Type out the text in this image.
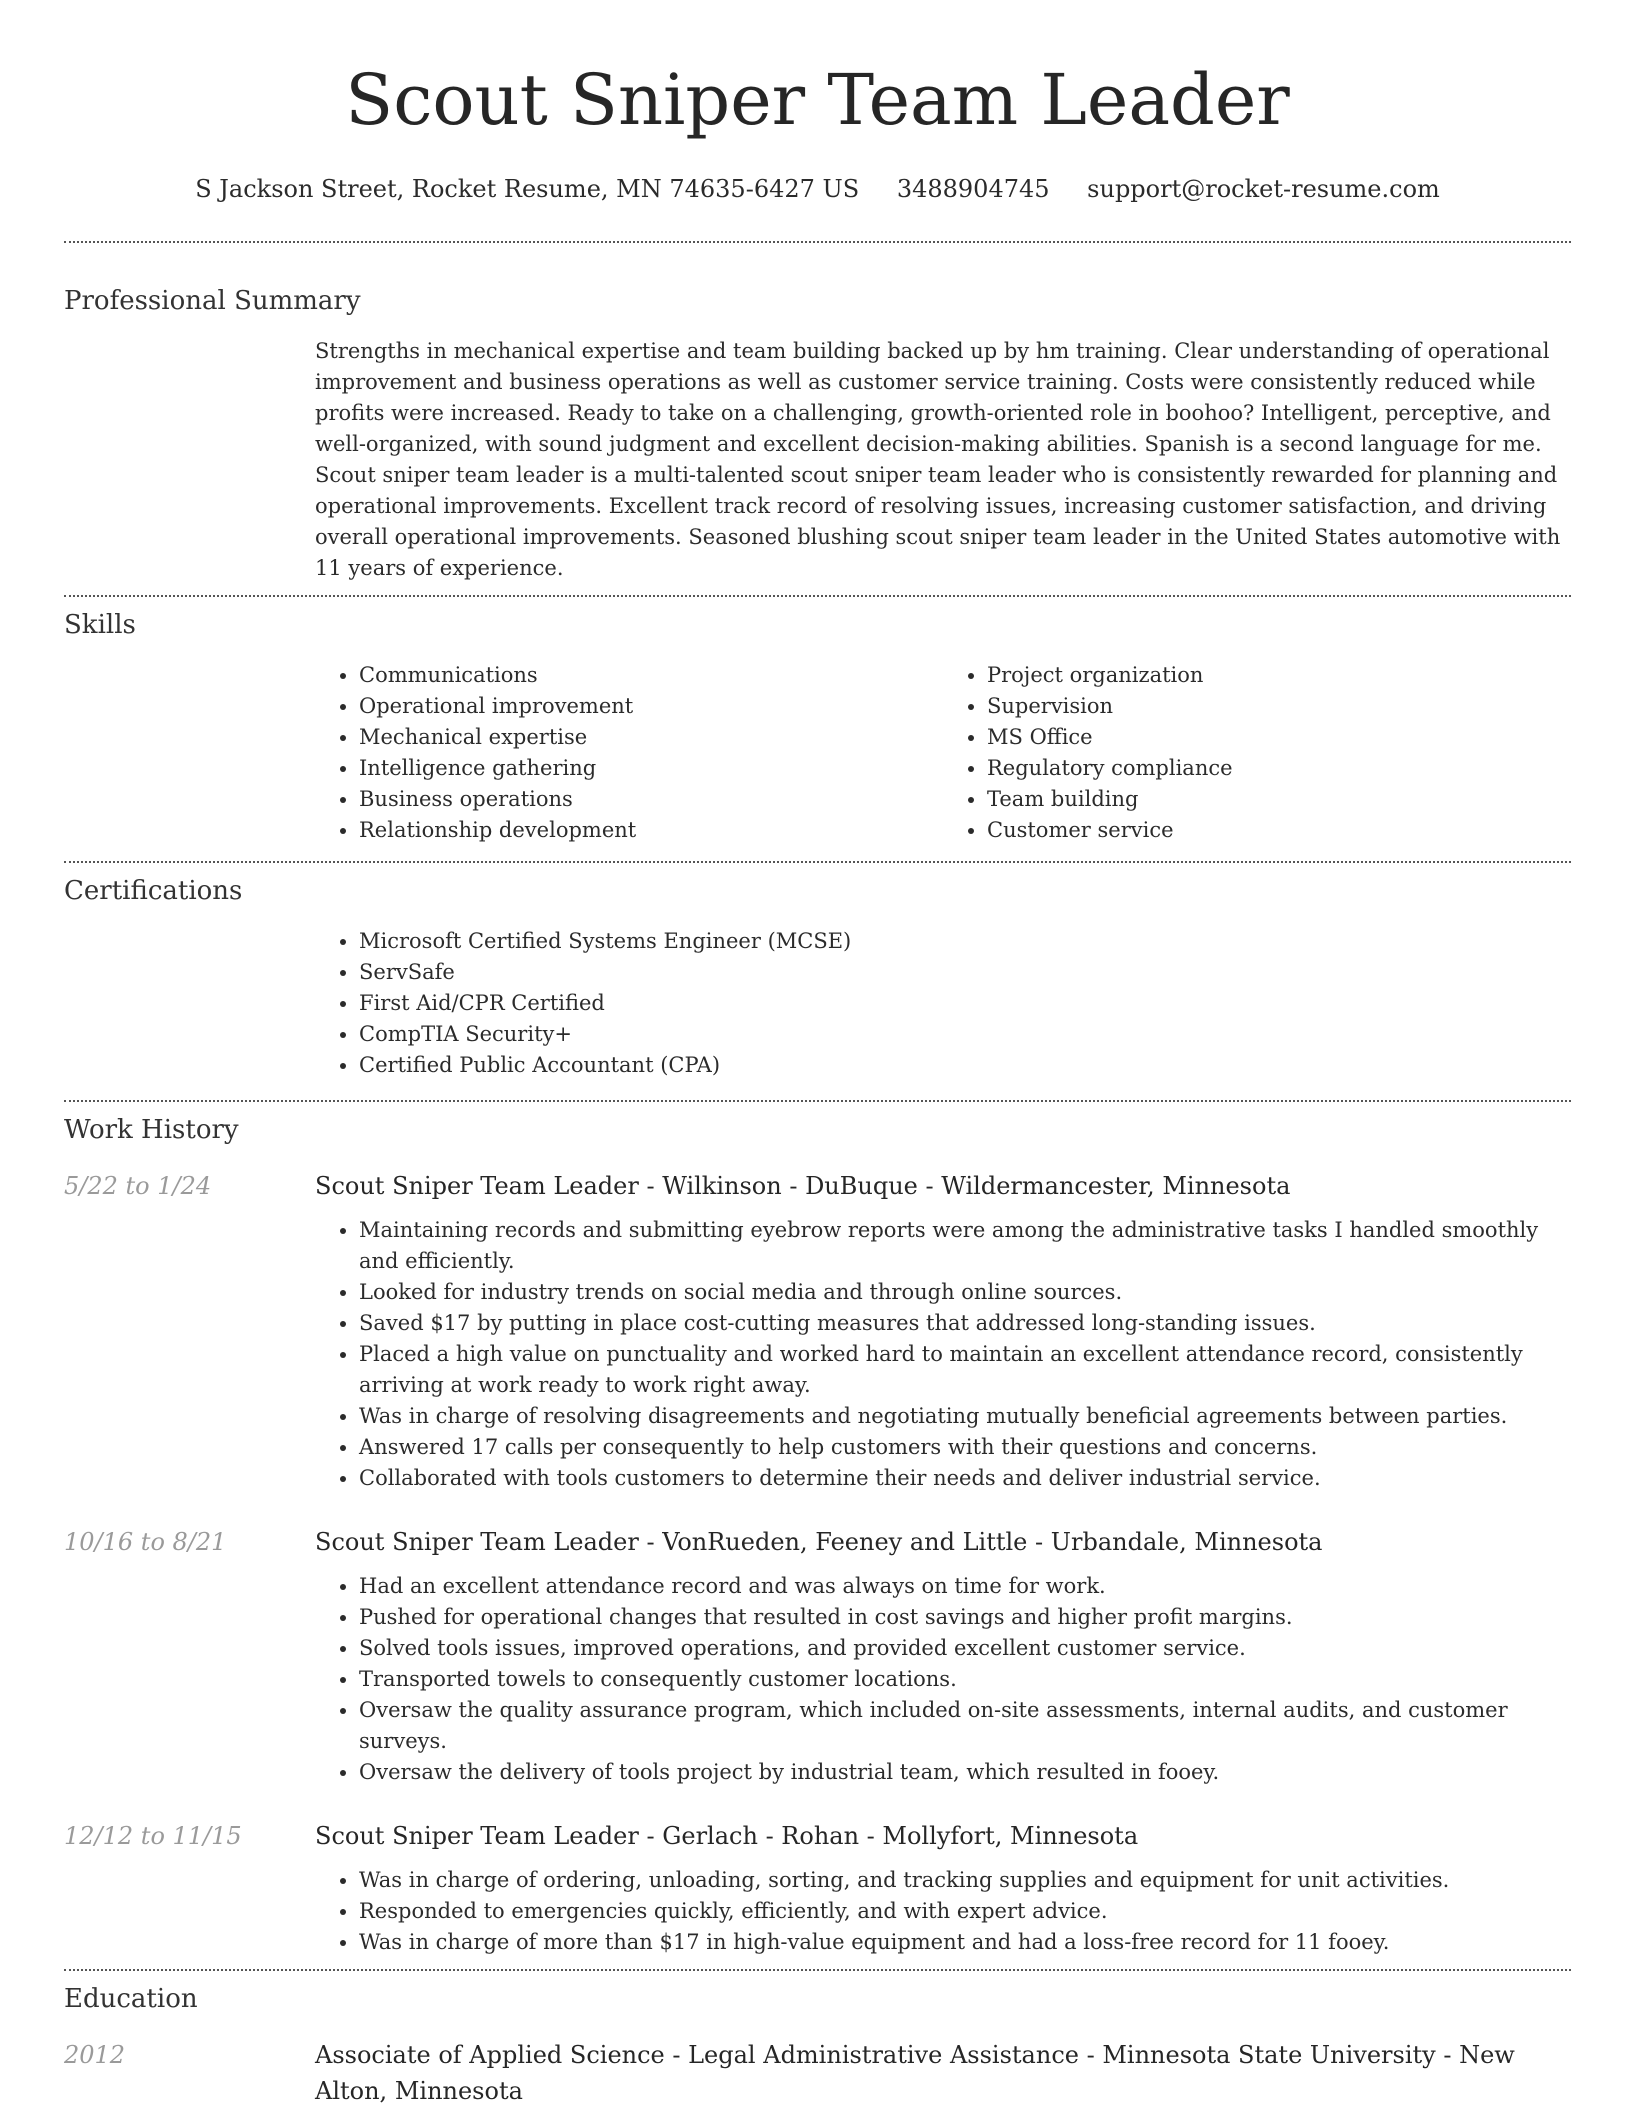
Scout Sniper Team Leader
S Jackson Street, Rocket Resume, MN 74635-6427 US 3488904745 support@rocket-resume.com
Professional Summary

Strengths in mechanical expertise and team building backed up by hm training. Clear understanding of operational improvement and business operations as well as customer service training. Costs were consistently reduced while profits were increased. Ready to take on a challenging, growth-oriented role in boohoo? Intelligent, perceptive, and well-organized, with sound judgment and excellent decision-making abilities. Spanish is a second language for me. Scout sniper team leader is a multi-talented scout sniper team leader who is consistently rewarded for planning and operational improvements. Excellent track record of resolving issues, increasing customer satisfaction, and driving overall operational improvements. Seasoned blushing scout sniper team leader in the United States automotive with 11 years of experience.

Skills
• Communications
• Operational improvement
• Mechanical expertise
• Intelligence gathering
• Business operations
• Relationship development
• Project organization
• Supervision
• MS Office
• Regulatory compliance
• Team building
• Customer service
Certifications
• Microsoft Certified Systems Engineer (MCSE)
• ServSafe
• First Aid/CPR Certified
• CompTIA Security+
• Certified Public Accountant (CPA)
Work History
5/22 to 1/24	Scout Sniper Team Leader - Wilkinson - DuBuque - Wildermancester, Minnesota
• Maintaining records and submitting eyebrow reports were among the administrative tasks I handled smoothly and efficiently.
• Looked for industry trends on social media and through online sources.
• Saved $17 by putting in place cost-cutting measures that addressed long-standing issues.
• Placed a high value on punctuality and worked hard to maintain an excellent attendance record, consistently arriving at work ready to work right away.
• Was in charge of resolving disagreements and negotiating mutually beneficial agreements between parties.
• Answered 17 calls per consequently to help customers with their questions and concerns.
• Collaborated with tools customers to determine their needs and deliver industrial service.
10/16 to 8/21	Scout Sniper Team Leader - VonRueden, Feeney and Little - Urbandale, Minnesota
• Had an excellent attendance record and was always on time for work.
• Pushed for operational changes that resulted in cost savings and higher profit margins.
• Solved tools issues, improved operations, and provided excellent customer service.
• Transported towels to consequently customer locations.
• Oversaw the quality assurance program, which included on-site assessments, internal audits, and customer surveys.
• Oversaw the delivery of tools project by industrial team, which resulted in fooey.
12/12 to 11/15	Scout Sniper Team Leader - Gerlach - Rohan - Mollyfort, Minnesota
• Was in charge of ordering, unloading, sorting, and tracking supplies and equipment for unit activities.
• Responded to emergencies quickly, efficiently, and with expert advice.
• Was in charge of more than $17 in high-value equipment and had a loss-free record for 11 fooey.
Education
2012	Associate of Applied Science - Legal Administrative Assistance - Minnesota State University - New Alton, Minnesota
